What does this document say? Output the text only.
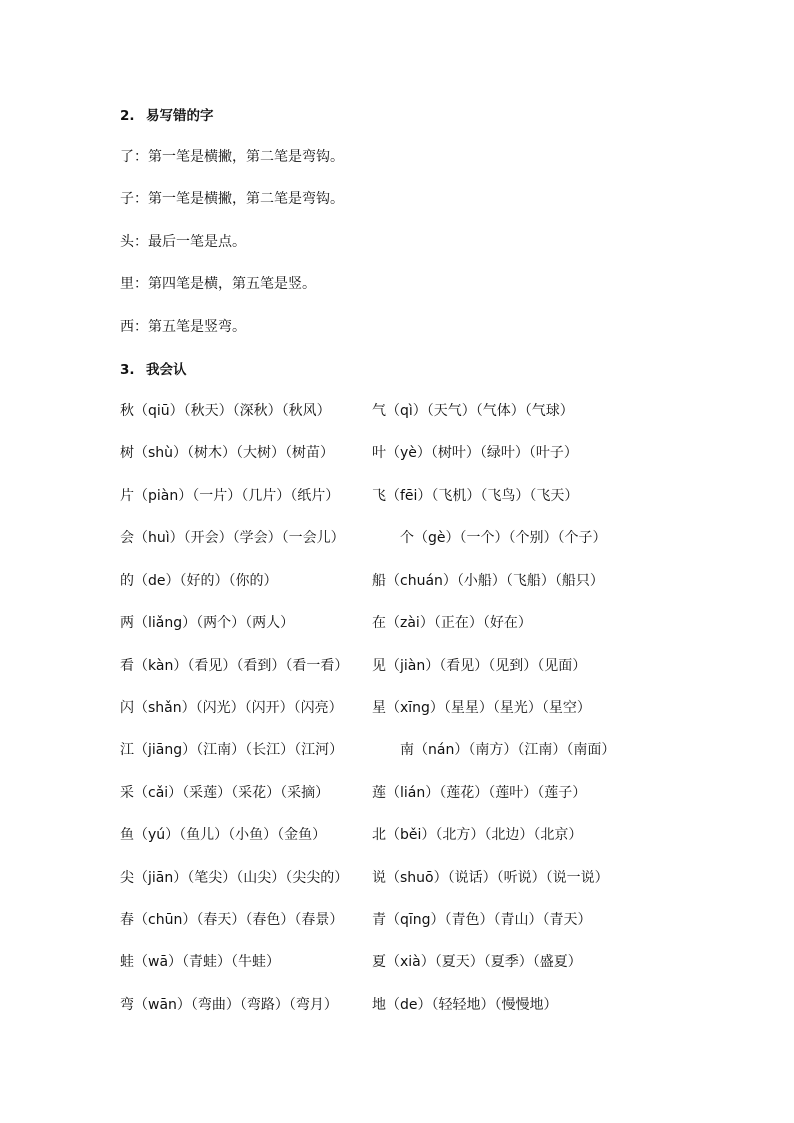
2. 易写错的字
了：第一笔是横撇，第二笔是弯钩。
子：第一笔是横撇，第二笔是弯钩。
头：最后一笔是点。
里：第四笔是横，第五笔是竖。
西：第五笔是竖弯。
3. 我会认
秋（qiū）（秋天）（深秋）（秋风）	气（qì）（天气）（气体）（气球）
树（shù）（树木）（大树）（树苗）	叶（yè）（树叶）（绿叶）（叶子）
片（piàn）（一片）（几片）（纸片） 飞（fēi）（飞机）（飞鸟）（飞天）
会（huì）（开会）（学会）（一会儿）	个（gè）（一个）（个别）（个子）
的（de）（好的）（你的）	船（chuán）（小船）（飞船）（船只）
两（liǎng）（两个）（两人）	在（zài）（正在）（好在）
看（kàn）（看见）（看到）（看一看） 见（jiàn）（看见）（见到）（见面）
闪（shǎn）（闪光）（闪开）（闪亮） 星（xīng）（星星）（星光）（星空）
江（jiāng）（江南）（长江）（江河）	南（nán）（南方）（江南）（南面）
采（cǎi）（采莲）（采花）（采摘）	莲（lián）（莲花）（莲叶）（莲子）
鱼（yú）（鱼儿）（小鱼）（金鱼）	北（běi）（北方）（北边）（北京）
尖（jiān）（笔尖）（山尖）（尖尖的） 说（shuō）（说话）（听说）（说一说）
春（chūn）（春天）（春色）（春景） 青（qīng）（青色）（青山）（青天）
蛙（wā）（青蛙）（牛蛙）	夏（xià）（夏天）（夏季）（盛夏）
弯（wān）（弯曲）（弯路）（弯月） 地（de）（轻轻地）（慢慢地）
